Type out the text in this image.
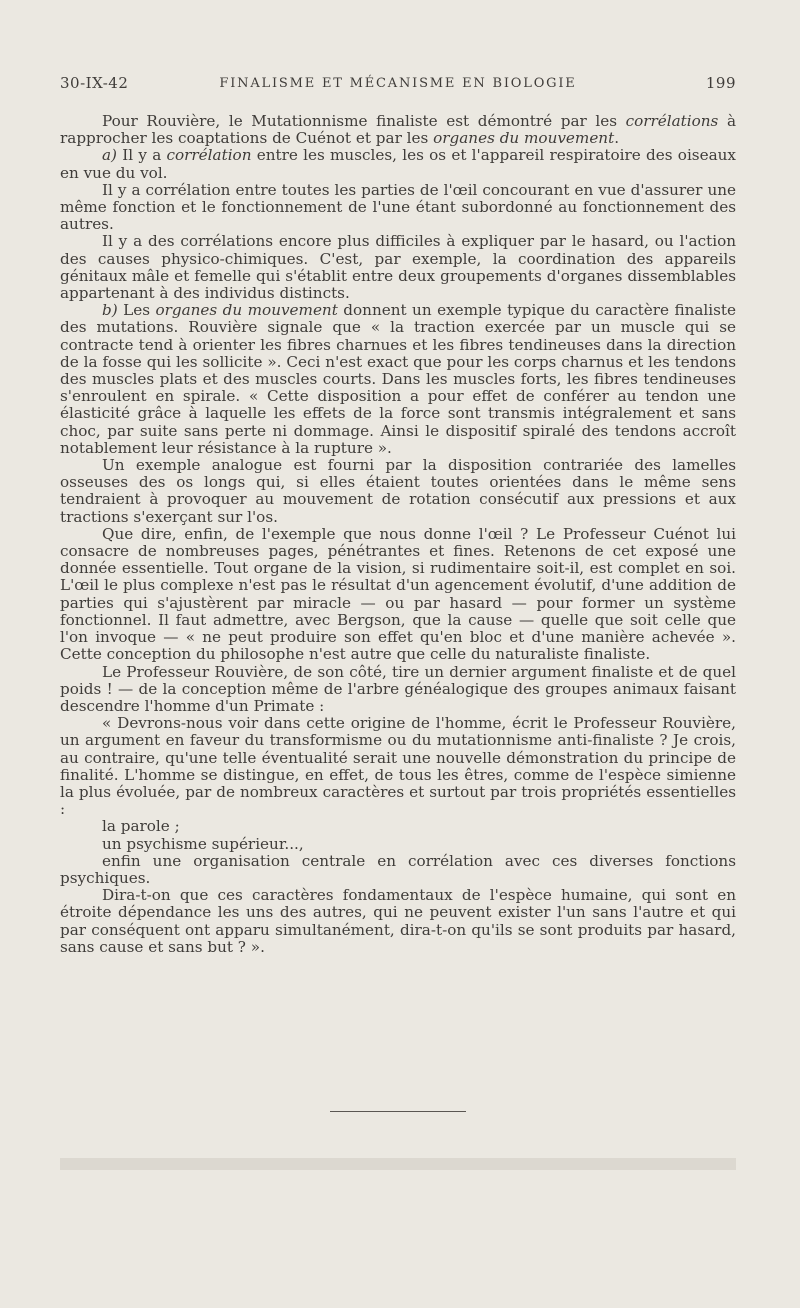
30-IX-42	FINALISME ET MÉCANISME EN BIOLOGIE	199

Pour Rouvière, le Mutationnisme finaliste est démontré par les corrélations à rapprocher les coaptations de Cuénot et par les organes du mouvement.

a) Il y a corrélation entre les muscles, les os et l'appareil respiratoire des oiseaux en vue du vol.

Il y a corrélation entre toutes les parties de l'œil concourant en vue d'assurer une même fonction et le fonctionnement de l'une étant subordonné au fonctionnement des autres.

Il y a des corrélations encore plus difficiles à expliquer par le hasard, ou l'action des causes physico-chimiques. C'est, par exemple, la coordination des appareils génitaux mâle et femelle qui s'établit entre deux groupements d'organes dissemblables appartenant à des individus distincts.

b) Les organes du mouvement donnent un exemple typique du caractère finaliste des mutations. Rouvière signale que « la traction exercée par un muscle qui se contracte tend à orienter les fibres charnues et les fibres tendineuses dans la direction de la fosse qui les sollicite ». Ceci n'est exact que pour les corps charnus et les tendons des muscles plats et des muscles courts. Dans les muscles forts, les fibres tendineuses s'enroulent en spirale. « Cette disposition a pour effet de conférer au tendon une élasticité grâce à laquelle les effets de la force sont transmis intégralement et sans choc, par suite sans perte ni dommage. Ainsi le dispositif spiralé des tendons accroît notablement leur résistance à la rupture ».

Un exemple analogue est fourni par la disposition contrariée des lamelles osseuses des os longs qui, si elles étaient toutes orientées dans le même sens tendraient à provoquer au mouvement de rotation consécutif aux pressions et aux tractions s'exerçant sur l'os.

Que dire, enfin, de l'exemple que nous donne l'œil ? Le Professeur Cuénot lui consacre de nombreuses pages, pénétrantes et fines. Retenons de cet exposé une donnée essentielle. Tout organe de la vision, si rudimentaire soit-il, est complet en soi. L'œil le plus complexe n'est pas le résultat d'un agencement évolutif, d'une addition de parties qui s'ajustèrent par miracle — ou par hasard — pour former un système fonctionnel. Il faut admettre, avec Bergson, que la cause — quelle que soit celle que l'on invoque — « ne peut produire son effet qu'en bloc et d'une manière achevée ». Cette conception du philosophe n'est autre que celle du naturaliste finaliste.

Le Professeur Rouvière, de son côté, tire un dernier argument finaliste et de quel poids ! — de la conception même de l'arbre généalogique des groupes animaux faisant descendre l'homme d'un Primate :

« Devrons-nous voir dans cette origine de l'homme, écrit le Professeur Rouvière, un argument en faveur du transformisme ou du mutationnisme anti-finaliste ? Je crois, au contraire, qu'une telle éventualité serait une nouvelle démonstration du principe de finalité. L'homme se distingue, en effet, de tous les êtres, comme de l'espèce simienne la plus évoluée, par de nombreux caractères et surtout par trois propriétés essentielles :

la parole ;

un psychisme supérieur...,

enfin une organisation centrale en corrélation avec ces diverses fonctions psychiques.

Dira-t-on que ces caractères fondamentaux de l'espèce humaine, qui sont en étroite dépendance les uns des autres, qui ne peuvent exister l'un sans l'autre et qui par conséquent ont apparu simultanément, dira-t-on qu'ils se sont produits par hasard, sans cause et sans but ? ».
